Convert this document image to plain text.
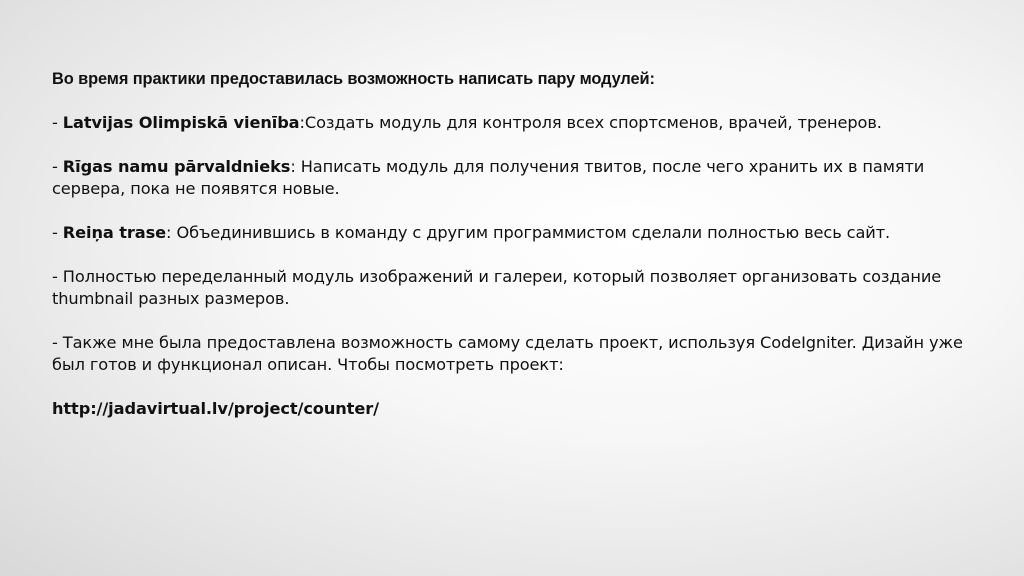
Во время практики предоставилась возможность написать пару модулей:

- Latvijas Olimpiskā vienība:Создать модуль для контроля всех спортсменов, врачей, тренеров.

- Rīgas namu pārvaldnieks: Написать модуль для получения твитов, после чего хранить их в памяти сервера, пока не появятся новые.

- Reiņa trase: Объединившись в команду с другим программистом сделали полностью весь сайт.

- Полностью переделанный модуль изображений и галереи, который позволяет организовать создание thumbnail разных размеров.

- Также мне была предоставлена возможность самому сделать проект, используя CodeIgniter. Дизайн уже был готов и функционал описан. Чтобы посмотреть проект:

http://jadavirtual.lv/project/counter/
